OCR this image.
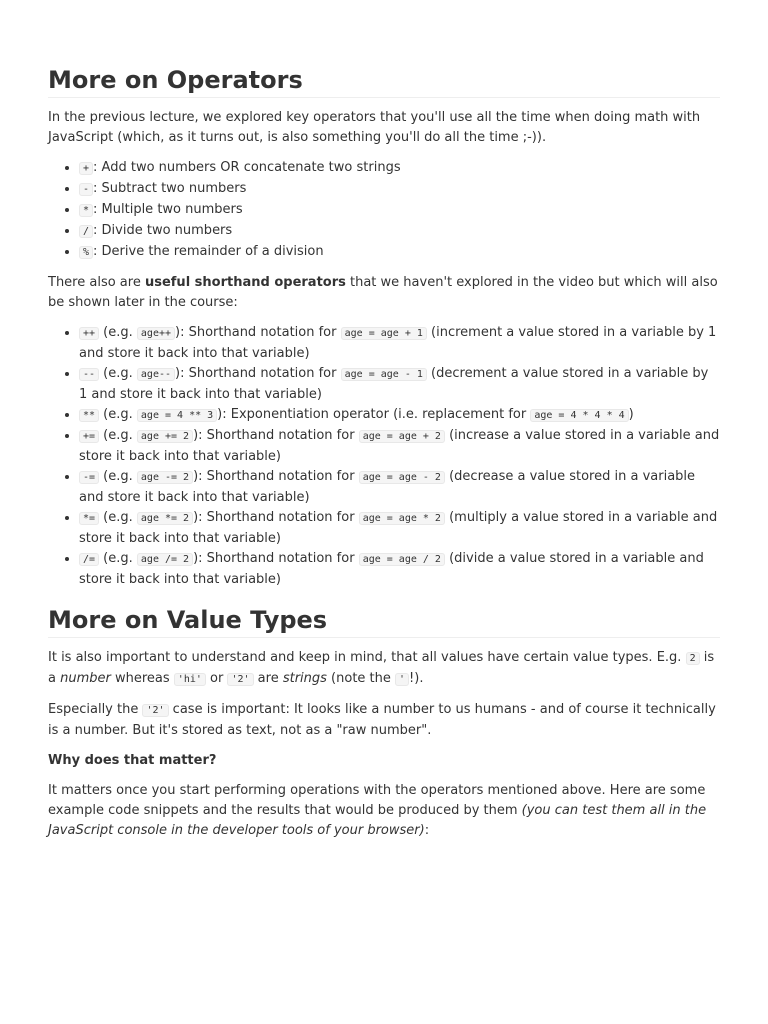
More on Operators

In the previous lecture, we explored key operators that you'll use all the time when doing math with JavaScript (which, as it turns out, is also something you'll do all the time ;-)).

• + : Add two numbers OR concatenate two strings
• - : Subtract two numbers
• * : Multiple two numbers
• / : Divide two numbers
• % : Derive the remainder of a division

There also are useful shorthand operators that we haven't explored in the video but which will also be shown later in the course:

• ++ (e.g. age++ ): Shorthand notation for age = age + 1 (increment a value stored in a variable by 1 and store it back into that variable)
• -- (e.g. age-- ): Shorthand notation for age = age - 1 (decrement a value stored in a variable by 1 and store it back into that variable)
• ** (e.g. age = 4 ** 3 ): Exponentiation operator (i.e. replacement for age = 4 * 4 * 4 )
• += (e.g. age += 2 ): Shorthand notation for age = age + 2 (increase a value stored in a variable and store it back into that variable)
• -= (e.g. age -= 2 ): Shorthand notation for age = age - 2 (decrease a value stored in a variable and store it back into that variable)
• *= (e.g. age *= 2 ): Shorthand notation for age = age * 2 (multiply a value stored in a variable and store it back into that variable)
• /= (e.g. age /= 2 ): Shorthand notation for age = age / 2 (divide a value stored in a variable and store it back into that variable)
More on Value Types

It is also important to understand and keep in mind, that all values have certain value types. E.g. 2 is a number whereas 'hi' or '2' are strings (note the ' !).

Especially the '2' case is important: It looks like a number to us humans - and of course it technically is a number. But it's stored as text, not as a "raw number".

Why does that matter?

It matters once you start performing operations with the operators mentioned above. Here are some example code snippets and the results that would be produced by them (you can test them all in the JavaScript console in the developer tools of your browser):
